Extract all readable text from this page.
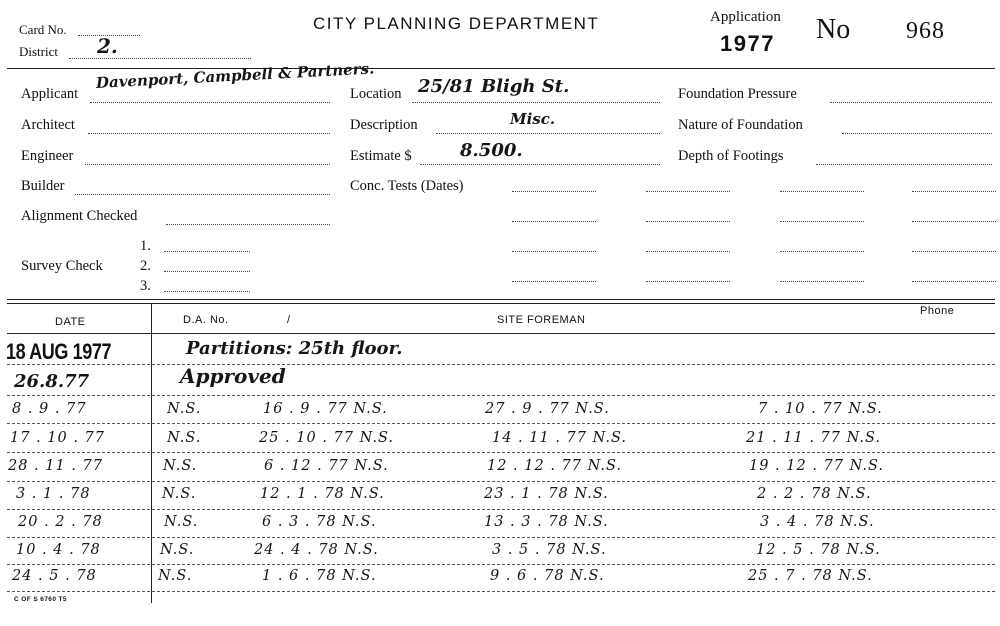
Card No.
District 2.
CITY PLANNING DEPARTMENT	Application
1977 No 968
Applicant
Davenport, Campbell & Partners.
Architect
Engineer
Builder
Alignment Checked
Survey Check
1.
2.
3.
Location 25/81 Bligh St.
Description	Misc.
Estimate $	8.500.
Conc. Tests (Dates)
Foundation Pressure
Nature of Foundation
Depth of Footings
DATE	D.A. No.	/	SITE FOREMAN
Phone
18 AUG 1977	Partitions: 25th floor.
26.8.77	Approved
8 . 9 . 77	N.S.	16 . 9 . 77 N.S.	27 . 9 . 77 N.S.	7 . 10 . 77 N.S.
17 . 10 . 77	N.S.	25 . 10 . 77 N.S.	14 . 11 . 77 N.S.	21 . 11 . 77 N.S.
28 . 11 . 77	N.S.	6 . 12 . 77 N.S.	12 . 12 . 77 N.S.	19 . 12 . 77 N.S.
3 . 1 . 78	N.S.	12 . 1 . 78 N.S.	23 . 1 . 78 N.S.	2 . 2 . 78 N.S.
20 . 2 . 78	N.S.	6 . 3 . 78 N.S.	13 . 3 . 78 N.S.	3 . 4 . 78 N.S.
10 . 4 . 78	N.S.	24 . 4 . 78 N.S.	3 . 5 . 78 N.S.	12 . 5 . 78 N.S.
24 . 5 . 78	N.S.	1 . 6 . 78 N.S.	9 . 6 . 78 N.S.	25 . 7 . 78 N.S.
C OF S 6760 T5
